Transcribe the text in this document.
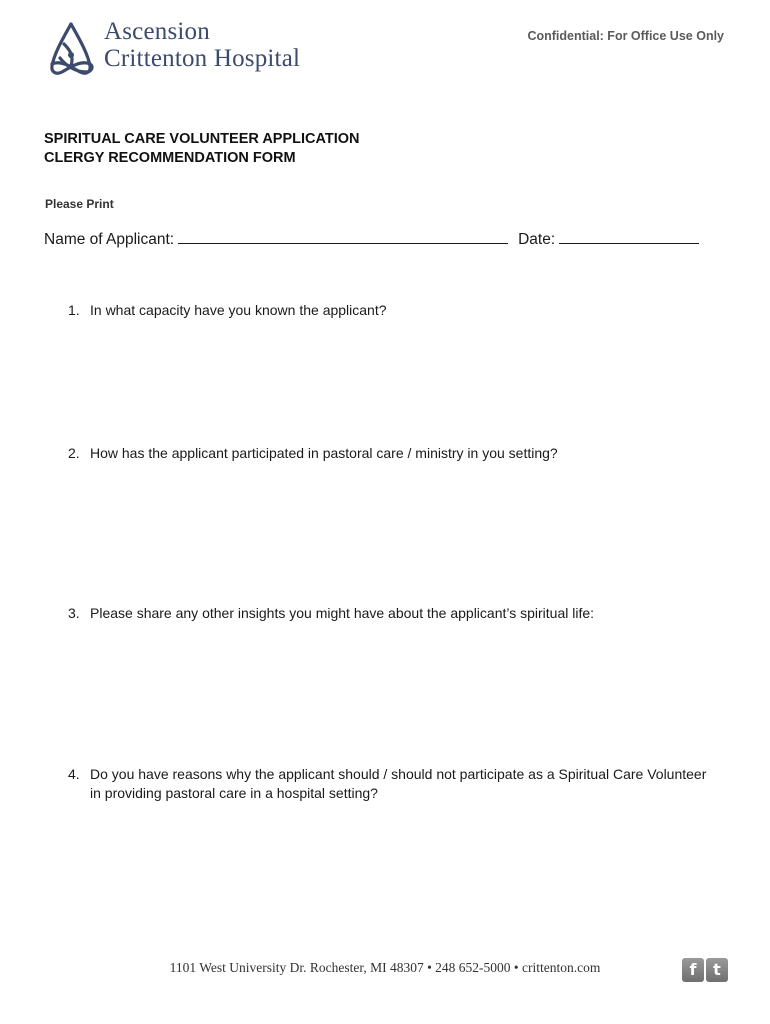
Ascension
Crittenton Hospital
Confidential: For Office Use Only
SPIRITUAL CARE VOLUNTEER APPLICATION
CLERGY RECOMMENDATION FORM
Please Print
Name of Applicant:	Date:
1. In what capacity have you known the applicant?
2. How has the applicant participated in pastoral care / ministry in you setting?
3. Please share any other insights you might have about the applicant’s spiritual life:
4. Do you have reasons why the applicant should / should not participate as a Spiritual Care Volunteer in providing pastoral care in a hospital setting?
1101 West University Dr. Rochester, MI 48307 • 248 652-5000 • crittenton.com	f	t
